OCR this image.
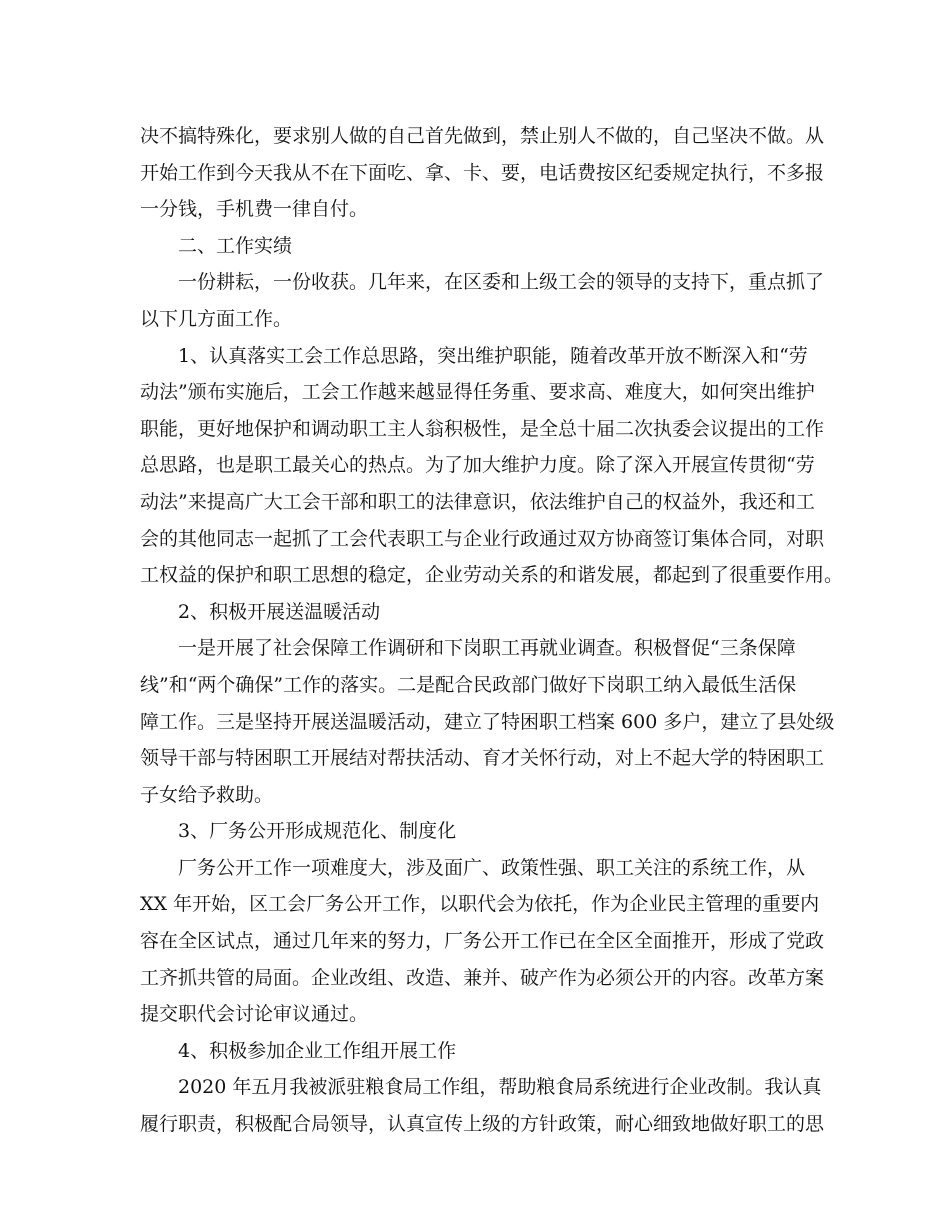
决不搞特殊化，要求别人做的自己首先做到，禁止别人不做的，自己坚决不做。从
开始工作到今天我从不在下面吃、拿、卡、要，电话费按区纪委规定执行，不多报
一分钱，手机费一律自付。
二、工作实绩
一份耕耘，一份收获。几年来，在区委和上级工会的领导的支持下，重点抓了
以下几方面工作。
1、认真落实工会工作总思路，突出维护职能，随着改革开放不断深入和“劳
动法”颁布实施后，工会工作越来越显得任务重、要求高、难度大，如何突出维护
职能，更好地保护和调动职工主人翁积极性，是全总十届二次执委会议提出的工作
总思路，也是职工最关心的热点。为了加大维护力度。除了深入开展宣传贯彻“劳
动法”来提高广大工会干部和职工的法律意识，依法维护自己的权益外，我还和工
会的其他同志一起抓了工会代表职工与企业行政通过双方协商签订集体合同，对职
工权益的保护和职工思想的稳定，企业劳动关系的和谐发展，都起到了很重要作用。
2、积极开展送温暖活动
一是开展了社会保障工作调研和下岗职工再就业调查。积极督促“三条保障
线”和“两个确保”工作的落实。二是配合民政部门做好下岗职工纳入最低生活保
障工作。三是坚持开展送温暖活动，建立了特困职工档案 600 多户，建立了县处级
领导干部与特困职工开展结对帮扶活动、育才关怀行动，对上不起大学的特困职工
子女给予救助。
3、厂务公开形成规范化、制度化
厂务公开工作一项难度大，涉及面广、政策性强、职工关注的系统工作，从
XX 年开始，区工会厂务公开工作，以职代会为依托，作为企业民主管理的重要内
容在全区试点，通过几年来的努力，厂务公开工作已在全区全面推开，形成了党政
工齐抓共管的局面。企业改组、改造、兼并、破产作为必须公开的内容。改革方案
提交职代会讨论审议通过。
4、积极参加企业工作组开展工作
2020 年五月我被派驻粮食局工作组，帮助粮食局系统进行企业改制。我认真
履行职责，积极配合局领导，认真宣传上级的方针政策，耐心细致地做好职工的思
